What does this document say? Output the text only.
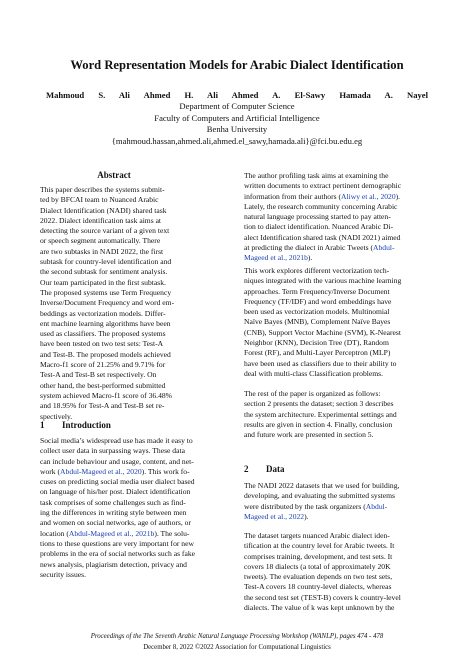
Word Representation Models for Arabic Dialect Identification
Mahmoud S. Ali Ahmed H. Ali Ahmed A. El-Sawy Hamada A. Nayel
Department of Computer Science
Faculty of Computers and Artificial Intelligence
Benha University
{mahmoud.hassan,ahmed.ali,ahmed.el_sawy,hamada.ali}@fci.bu.edu.eg
Abstract
This paper describes the systems submit-
ted by BFCAI team to Nuanced Arabic
Dialect Identification (NADI) shared task
2022. Dialect identification task aims at
detecting the source variant of a given text
or speech segment automatically. There
are two subtasks in NADI 2022, the first
subtask for country-level identification and
the second subtask for sentiment analysis.
Our team participated in the first subtask.
The proposed systems use Term Frequency
Inverse/Document Frequency and word em-
beddings as vectorization models. Differ-
ent machine learning algorithms have been
used as classifiers. The proposed systems
have been tested on two test sets: Test-A
and Test-B. The proposed models achieved
Macro-f1 score of 21.25% and 9.71% for
Test-A and Test-B set respectively. On
other hand, the best-performed submitted
system achieved Macro-f1 score of 36.48%
and 18.95% for Test-A and Test-B set re-
spectively.
1 Introduction
Social media’s widespread use has made it easy to
collect user data in surpassing ways. These data
can include behaviour and usage, content, and net-
work (Abdul-Mageed et al., 2020). This work fo-
cuses on predicting social media user dialect based
on language of his/her post. Dialect identification
task comprises of some challenges such as find-
ing the differences in writing style between men
and women on social networks, age of authors, or
location (Abdul-Mageed et al., 2021b). The solu-
tions to these questions are very important for new
problems in the era of social networks such as fake
news analysis, plagiarism detection, privacy and
security issues.
The author profiling task aims at examining the
written documents to extract pertinent demographic
information from their authors (Aliwy et al., 2020).
Lately, the research community concerning Arabic
natural language processing started to pay atten-
tion to dialect identification. Nuanced Arabic Di-
alect Identification shared task (NADI 2021) aimed
at predicting the dialect in Arabic Tweets (Abdul-
Mageed et al., 2021b).
This work explores different vectorization tech-
niques integrated with the various machine learning
approaches. Term Frequency/Inverse Document
Frequency (TF/IDF) and word embeddings have
been used as vectorization models. Multinomial
Naïve Bayes (MNB), Complement Naïve Bayes
(CNB), Support Vector Machine (SVM), K-Nearest
Neighbor (KNN), Decision Tree (DT), Random
Forest (RF), and Multi-Layer Perceptron (MLP)
have been used as classifiers due to their ability to
deal with multi-class Classification problems.
The rest of the paper is organized as follows:
section 2 presents the dataset; section 3 describes
the system architecture. Experimental settings and
results are given in section 4. Finally, conclusion
and future work are presented in section 5.
2 Data
The NADI 2022 datasets that we used for building,
developing, and evaluating the submitted systems
were distributed by the task organizers (Abdul-
Mageed et al., 2022).
The dataset targets nuanced Arabic dialect iden-
tification at the country level for Arabic tweets. It
comprises training, development, and test sets. It
covers 18 dialects (a total of approximately 20K
tweets). The evaluation depends on two test sets,
Test-A covers 18 country-level dialects, whereas
the second test set (TEST-B) covers k country-level
dialects. The value of k was kept unknown by the
Proceedings of the The Seventh Arabic Natural Language Processing Workshop (WANLP), pages 474 - 478
December 8, 2022 ©2022 Association for Computational Linguistics
